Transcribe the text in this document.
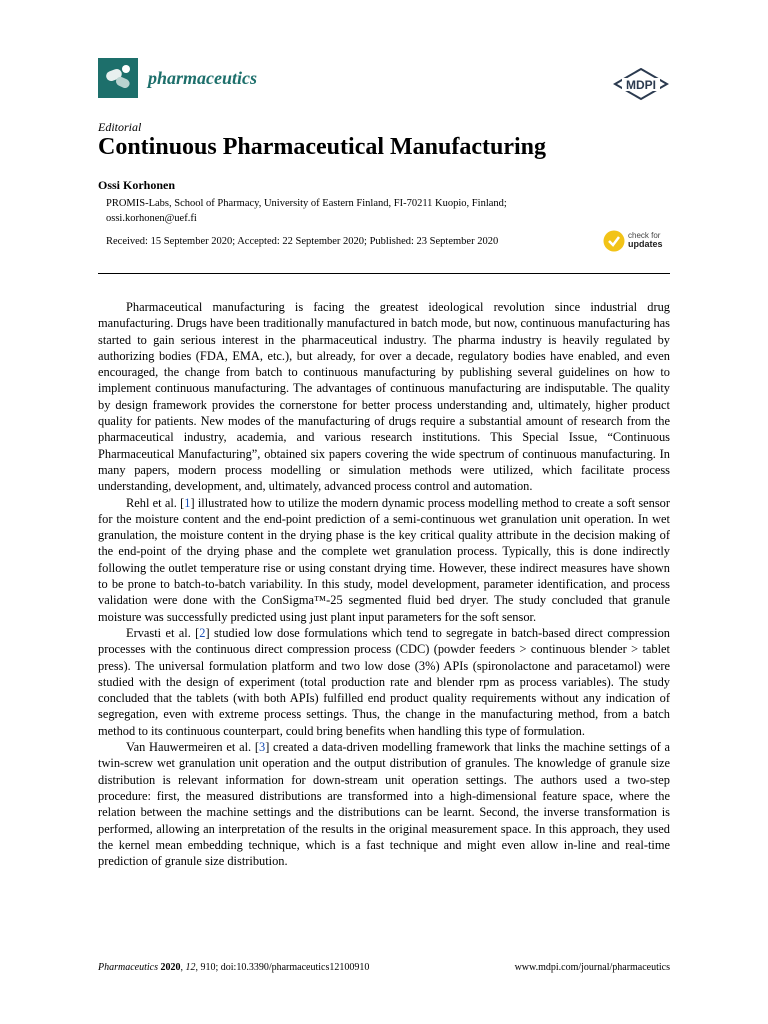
pharmaceutics	MDPI
Editorial
Continuous Pharmaceutical Manufacturing
Ossi Korhonen
PROMIS-Labs, School of Pharmacy, University of Eastern Finland, FI-70211 Kuopio, Finland;
ossi.korhonen@uef.fi
Received: 15 September 2020; Accepted: 22 September 2020; Published: 23 September 2020
check for
updates

Pharmaceutical manufacturing is facing the greatest ideological revolution since industrial drug manufacturing. Drugs have been traditionally manufactured in batch mode, but now, continuous manufacturing has started to gain serious interest in the pharmaceutical industry. The pharma industry is heavily regulated by authorizing bodies (FDA, EMA, etc.), but already, for over a decade, regulatory bodies have enabled, and even encouraged, the change from batch to continuous manufacturing by publishing several guidelines on how to implement continuous manufacturing. The advantages of continuous manufacturing are indisputable. The quality by design framework provides the cornerstone for better process understanding and, ultimately, higher product quality for patients. New modes of the manufacturing of drugs require a substantial amount of research from the pharmaceutical industry, academia, and various research institutions. This Special Issue, “Continuous Pharmaceutical Manufacturing”, obtained six papers covering the wide spectrum of continuous manufacturing. In many papers, modern process modelling or simulation methods were utilized, which facilitate process understanding, development, and, ultimately, advanced process control and automation.

Rehl et al. [1] illustrated how to utilize the modern dynamic process modelling method to create a soft sensor for the moisture content and the end-point prediction of a semi-continuous wet granulation unit operation. In wet granulation, the moisture content in the drying phase is the key critical quality attribute in the decision making of the end-point of the drying phase and the complete wet granulation process. Typically, this is done indirectly following the outlet temperature rise or using constant drying time. However, these indirect measures have shown to be prone to batch-to-batch variability. In this study, model development, parameter identification, and process validation were done with the ConSigma™-25 segmented fluid bed dryer. The study concluded that granule moisture was successfully predicted using just plant input parameters for the soft sensor.

Ervasti et al. [2] studied low dose formulations which tend to segregate in batch-based direct compression processes with the continuous direct compression process (CDC) (powder feeders > continuous blender > tablet press). The universal formulation platform and two low dose (3%) APIs (spironolactone and paracetamol) were studied with the design of experiment (total production rate and blender rpm as process variables). The study concluded that the tablets (with both APIs) fulfilled end product quality requirements without any indication of segregation, even with extreme process settings. Thus, the change in the manufacturing method, from a batch method to its continuous counterpart, could bring benefits when handling this type of formulation.

Van Hauwermeiren et al. [3] created a data-driven modelling framework that links the machine settings of a twin-screw wet granulation unit operation and the output distribution of granules. The knowledge of granule size distribution is relevant information for down-stream unit operation settings. The authors used a two-step procedure: first, the measured distributions are transformed into a high-dimensional feature space, where the relation between the machine settings and the distributions can be learnt. Second, the inverse transformation is performed, allowing an interpretation of the results in the original measurement space. In this approach, they used the kernel mean embedding technique, which is a fast technique and might even allow in-line and real-time prediction of granule size distribution.

Pharmaceutics 2020, 12, 910; doi:10.3390/pharmaceutics12100910	www.mdpi.com/journal/pharmaceutics
